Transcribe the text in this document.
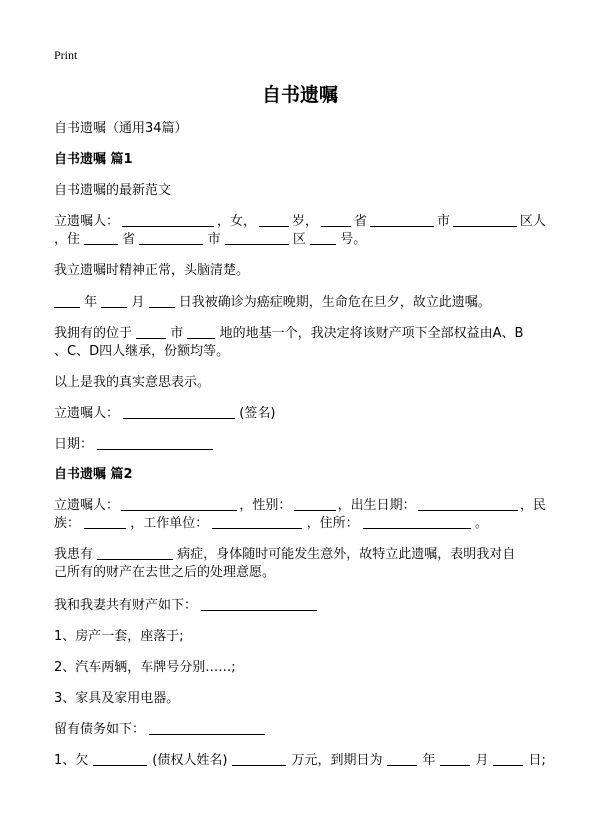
Print
自书遗嘱
自书遗嘱（通用34篇）
自书遗嘱 篇1
自书遗嘱的最新范文
立遗嘱人：	，女，	岁，	省	市	区人
，住	省	市	区	号。
我立遗嘱时精神正常，头脑清楚。
年	月	日我被确诊为癌症晚期，生命危在旦夕，故立此遗嘱。
我拥有的位于	市	地的地基一个，我决定将该财产项下全部权益由A、B
、C、D四人继承，份额均等。
以上是我的真实意思表示。
立遗嘱人：	(签名)
日期：
自书遗嘱 篇2
立遗嘱人：	，性别：	，出生日期：	，民
族：	，工作单位：	，住所：	。
我患有	病症，身体随时可能发生意外，故特立此遗嘱，表明我对自
己所有的财产在去世之后的处理意愿。
我和我妻共有财产如下：
1、房产一套，座落于;
2、汽车两辆，车牌号分别……;
3、家具及家用电器。
留有债务如下：
1、欠	(债权人姓名)	万元，到期日为	年	月	日;
